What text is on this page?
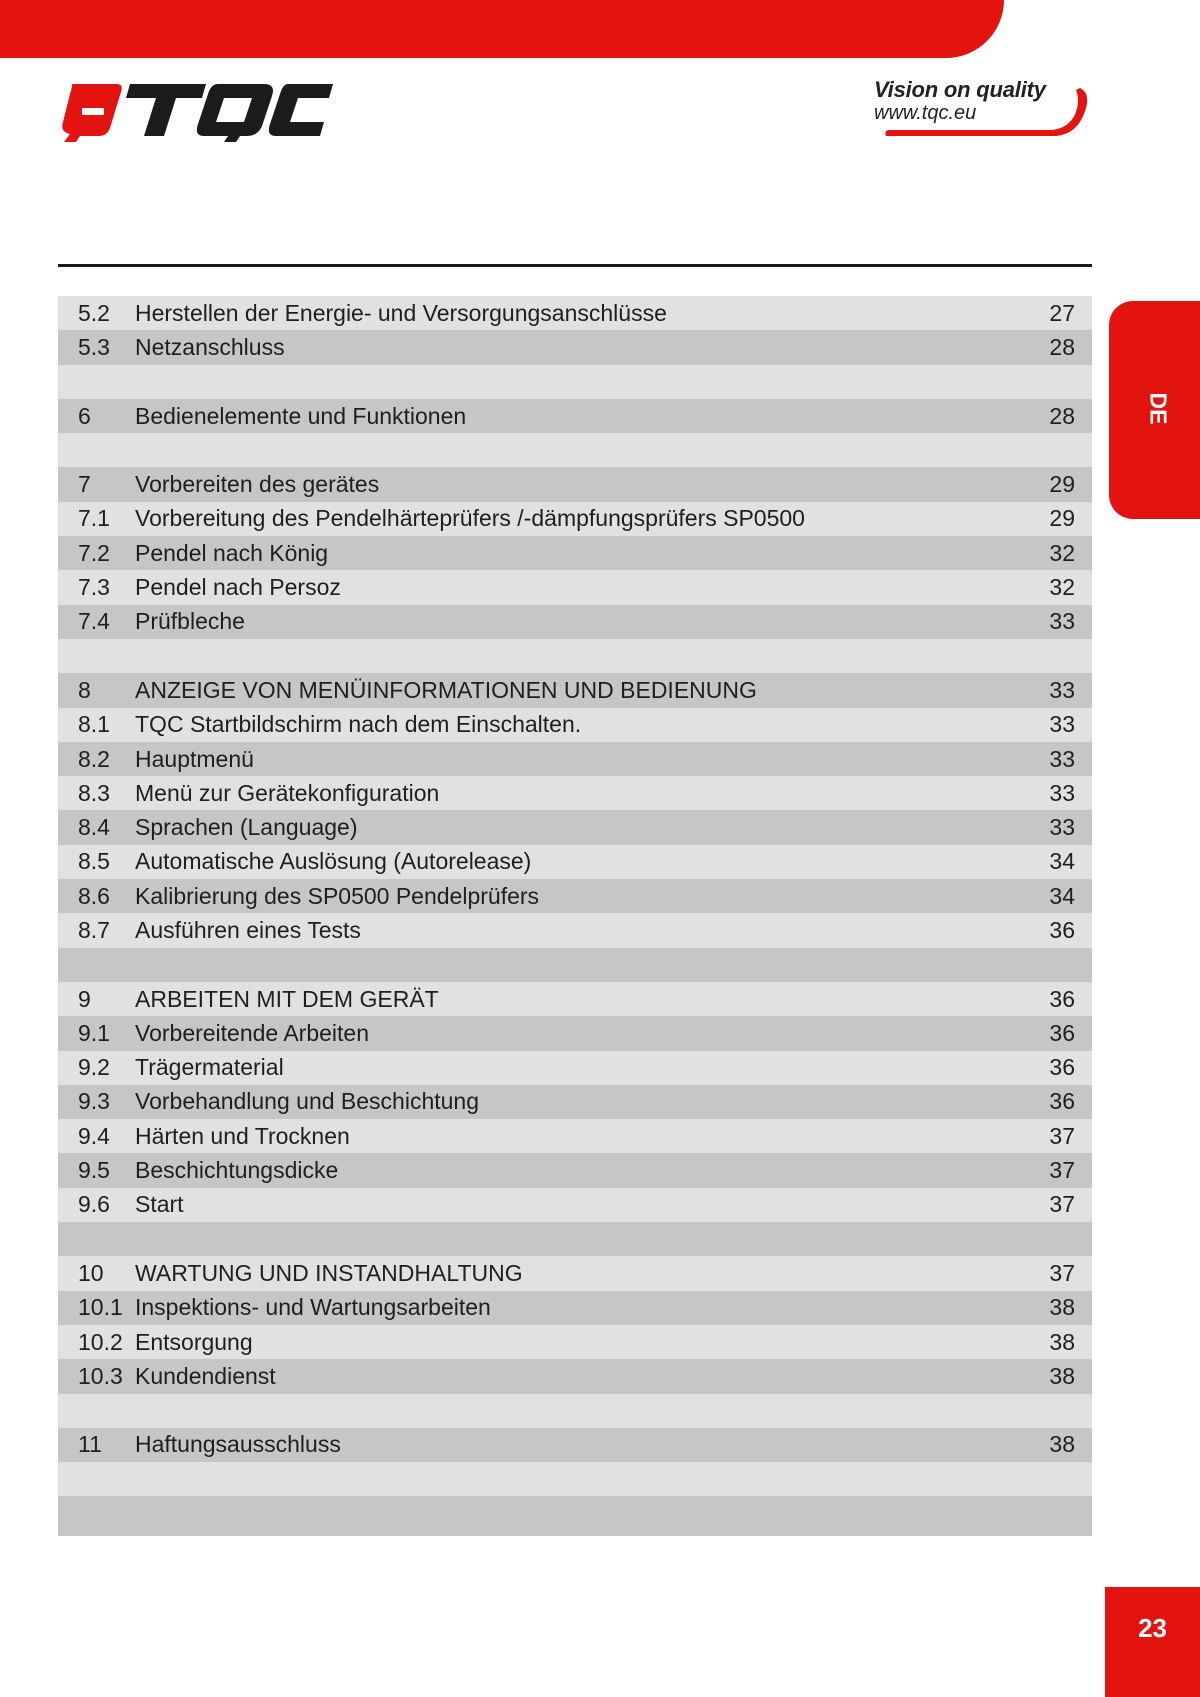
Vision on quality
www.tqc.eu
5.2 Herstellen der Energie- und Versorgungsanschlüsse	27
5.3 Netzanschluss	28
6 Bedienelemente und Funktionen	28
7 Vorbereiten des gerätes	29
7.1 Vorbereitung des Pendelhärteprüfers /-dämpfungsprüfers SP0500	29
7.2 Pendel nach König	32
7.3 Pendel nach Persoz	32
7.4 Prüfbleche	33
8 ANZEIGE VON MENÜINFORMATIONEN UND BEDIENUNG	33
8.1 TQC Startbildschirm nach dem Einschalten.	33
8.2 Hauptmenü	33
8.3 Menü zur Gerätekonfiguration	33
8.4 Sprachen (Language)	33
8.5 Automatische Auslösung (Autorelease)	34
8.6 Kalibrierung des SP0500 Pendelprüfers	34
8.7 Ausführen eines Tests	36
9 ARBEITEN MIT DEM GERÄT	36
9.1 Vorbereitende Arbeiten	36
9.2 Trägermaterial	36
9.3 Vorbehandlung und Beschichtung	36
9.4 Härten und Trocknen	37
9.5 Beschichtungsdicke	37
9.6 Start	37
10 WARTUNG UND INSTANDHALTUNG	37
10.1 Inspektions- und Wartungsarbeiten	38
10.2 Entsorgung	38
10.3 Kundendienst	38
11 Haftungsausschluss	38
DE
23
